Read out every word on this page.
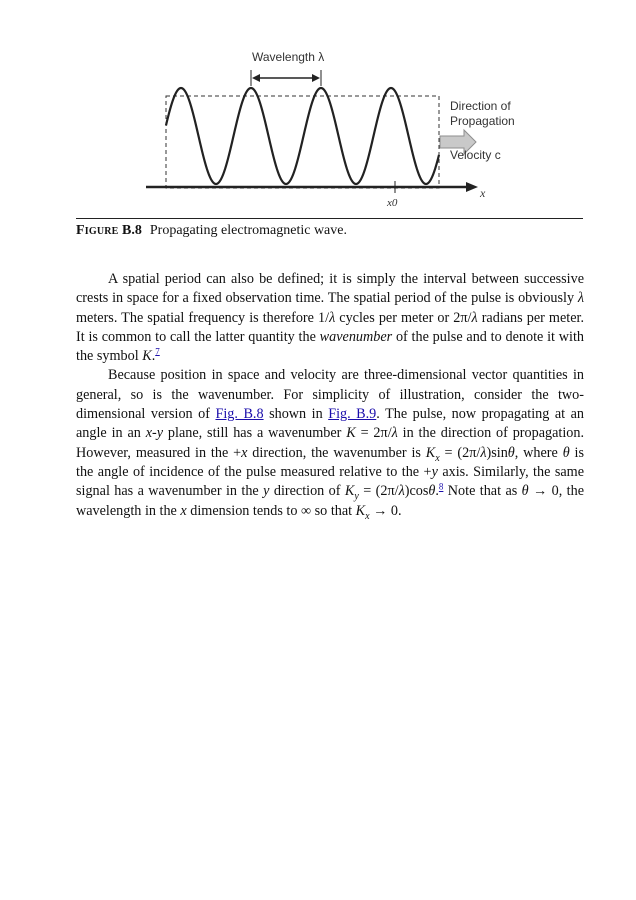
Wavelength λ
Direction of
Propagation
Velocity c
x
x0
Figure B.8 Propagating electromagnetic wave.

A spatial period can also be defined; it is simply the interval between successive crests in space for a fixed observation time. The spatial period of the pulse is obviously λ meters. The spatial frequency is therefore 1/λ cycles per meter or 2π/λ radians per meter. It is common to call the latter quantity the wavenumber of the pulse and to denote it with the symbol K.$^7$

Because position in space and velocity are three-dimensional vector quantities in general, so is the wavenumber. For simplicity of illustration, consider the two-dimensional version of Fig. B.8 shown in Fig. B.9. The pulse, now propagating at an angle in an x-y plane, still has a wavenumber K = 2π/λ in the direction of propagation. However, measured in the +x direction, the wavenumber is $K_x = (2\pi/\lambda)\sin\theta$, where θ is the angle of incidence of the pulse measured relative to the +y axis. Similarly, the same signal has a wavenumber in the y direction of $K_y = (2\pi/\lambda)\cos\theta.^8$ Note that as θ → 0, the wavelength in the x dimension tends to ∞ so that $K_x \to 0$.
